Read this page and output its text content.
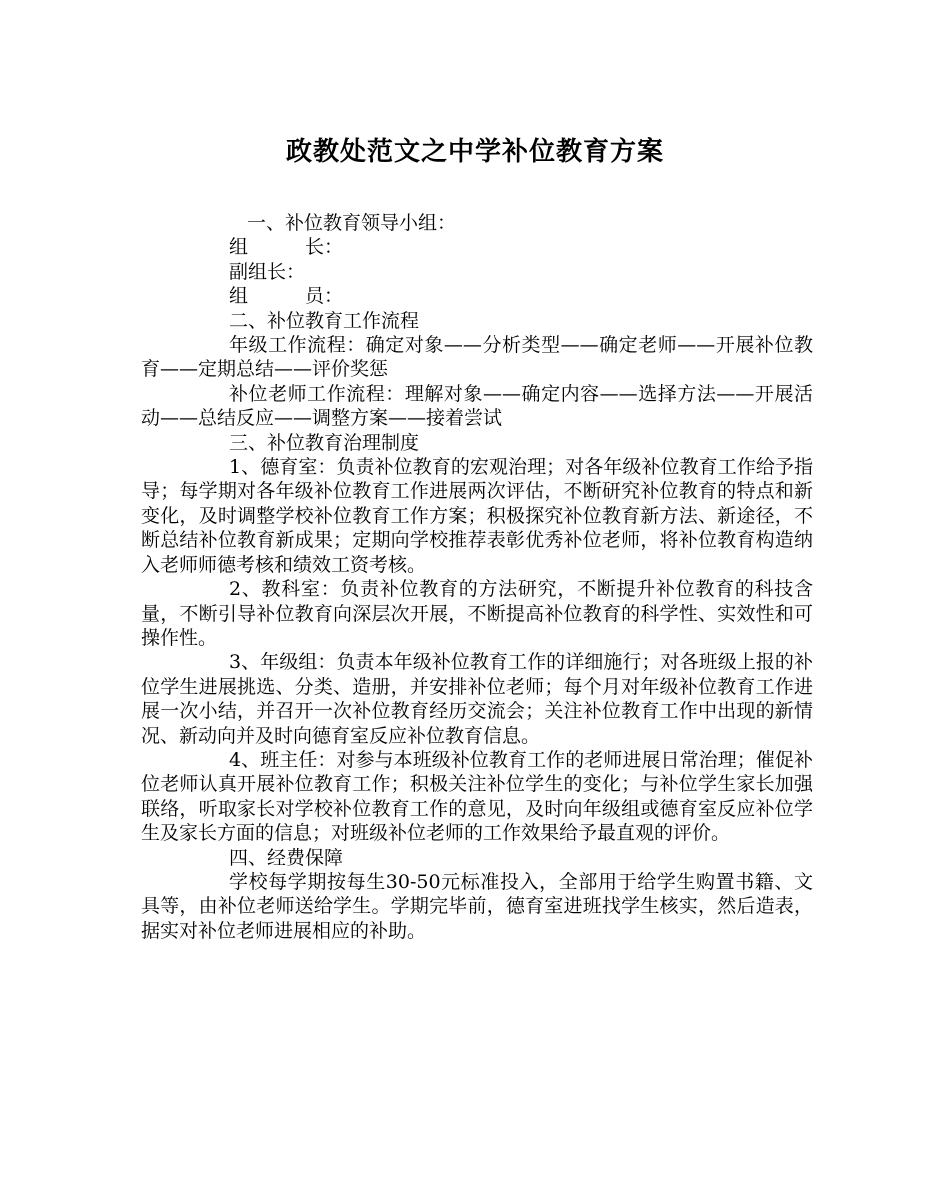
政教处范文之中学补位教育方案

一、补位教育领导小组：

组　　　长：

副组长：

组　　　员：

二、补位教育工作流程

年级工作流程：确定对象——分析类型——确定老师——开展补位教育——定期总结——评价奖惩

补位老师工作流程：理解对象——确定内容——选择方法——开展活动——总结反应——调整方案——接着尝试

三、补位教育治理制度

1、德育室：负责补位教育的宏观治理；对各年级补位教育工作给予指导；每学期对各年级补位教育工作进展两次评估，不断研究补位教育的特点和新变化，及时调整学校补位教育工作方案；积极探究补位教育新方法、新途径，不断总结补位教育新成果；定期向学校推荐表彰优秀补位老师，将补位教育构造纳入老师师德考核和绩效工资考核。

2、教科室：负责补位教育的方法研究，不断提升补位教育的科技含量，不断引导补位教育向深层次开展，不断提高补位教育的科学性、实效性和可操作性。

3、年级组：负责本年级补位教育工作的详细施行；对各班级上报的补位学生进展挑选、分类、造册，并安排补位老师；每个月对年级补位教育工作进展一次小结，并召开一次补位教育经历交流会；关注补位教育工作中出现的新情况、新动向并及时向德育室反应补位教育信息。

4、班主任：对参与本班级补位教育工作的老师进展日常治理；催促补位老师认真开展补位教育工作；积极关注补位学生的变化；与补位学生家长加强联络，听取家长对学校补位教育工作的意见，及时向年级组或德育室反应补位学生及家长方面的信息；对班级补位老师的工作效果给予最直观的评价。

四、经费保障

学校每学期按每生30-50元标准投入，全部用于给学生购置书籍、文具等，由补位老师送给学生。学期完毕前，德育室进班找学生核实，然后造表，据实对补位老师进展相应的补助。
